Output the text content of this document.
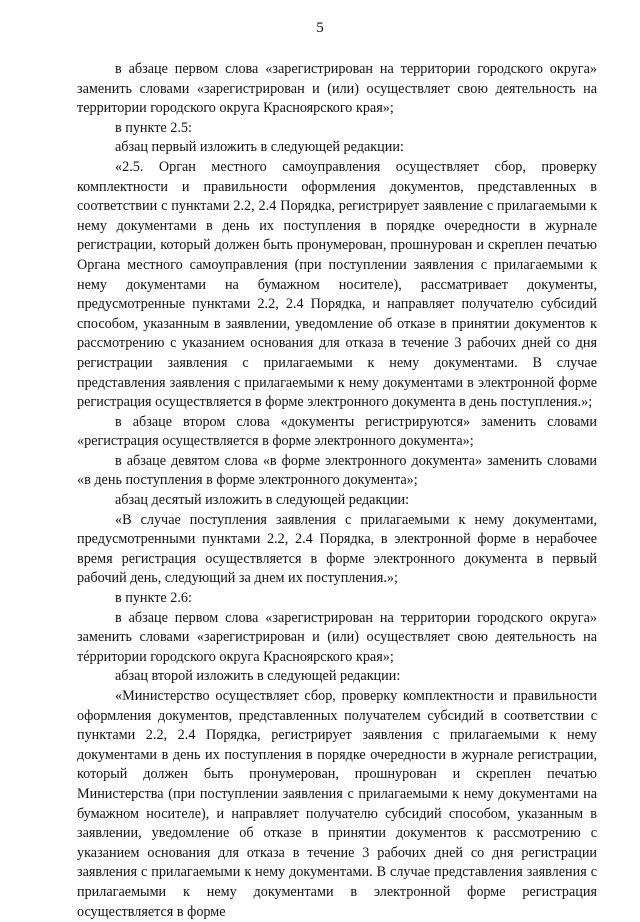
5

в абзаце первом слова «зарегистрирован на территории городского округа» заменить словами «зарегистрирован и (или) осуществляет свою деятельность на территории городского округа Красноярского края»;

в пункте 2.5:

абзац первый изложить в следующей редакции:

«2.5. Орган местного самоуправления осуществляет сбор, проверку комплектности и правильности оформления документов, представленных в соответствии с пунктами 2.2, 2.4 Порядка, регистрирует заявление с прилагаемыми к нему документами в день их поступления в порядке очередности в журнале регистрации, который должен быть пронумерован, прошнурован и скреплен печатью Органа местного самоуправления (при поступлении заявления с прилагаемыми к нему документами на бумажном носителе), рассматривает документы, предусмотренные пунктами 2.2, 2.4 Порядка, и направляет получателю субсидий способом, указанным в заявлении, уведомление об отказе в принятии документов к рассмотрению с указанием основания для отказа в течение 3 рабочих дней со дня регистрации заявления с прилагаемыми к нему документами. В случае представления заявления с прилагаемыми к нему документами в электронной форме регистрация осуществляется в форме электронного документа в день поступления.»;

в абзаце втором слова «документы регистрируются» заменить словами «регистрация осуществляется в форме электронного документа»;

в абзаце девятом слова «в форме электронного документа» заменить словами «в день поступления в форме электронного документа»;

абзац десятый изложить в следующей редакции:

«В случае поступления заявления с прилагаемыми к нему документами, предусмотренными пунктами 2.2, 2.4 Порядка, в электронной форме в нерабочее время регистрация осуществляется в форме электронного документа в первый рабочий день, следующий за днем их поступления.»;

в пункте 2.6:

в абзаце первом слова «зарегистрирован на территории городского округа» заменить словами «зарегистрирован и (или) осуществляет свою деятельность на тéрритории городского округа Красноярского края»;

абзац второй изложить в следующей редакции:

«Министерство осуществляет сбор, проверку комплектности и правильности оформления документов, представленных получателем субсидий в соответствии с пунктами 2.2, 2.4 Порядка, регистрирует заявления с прилагаемыми к нему документами в день их поступления в порядке очередности в журнале регистрации, который должен быть пронумерован, прошнурован и скреплен печатью Министерства (при поступлении заявления с прилагаемыми к нему документами на бумажном носителе), и направляет получателю субсидий способом, указанным в заявлении, уведомление об отказе в принятии документов к рассмотрению с указанием основания для отказа в течение 3 рабочих дней со дня регистрации заявления с прилагаемыми к нему документами. В случае представления заявления с прилагаемыми к нему документами в электронной форме регистрация осуществляется в форме
